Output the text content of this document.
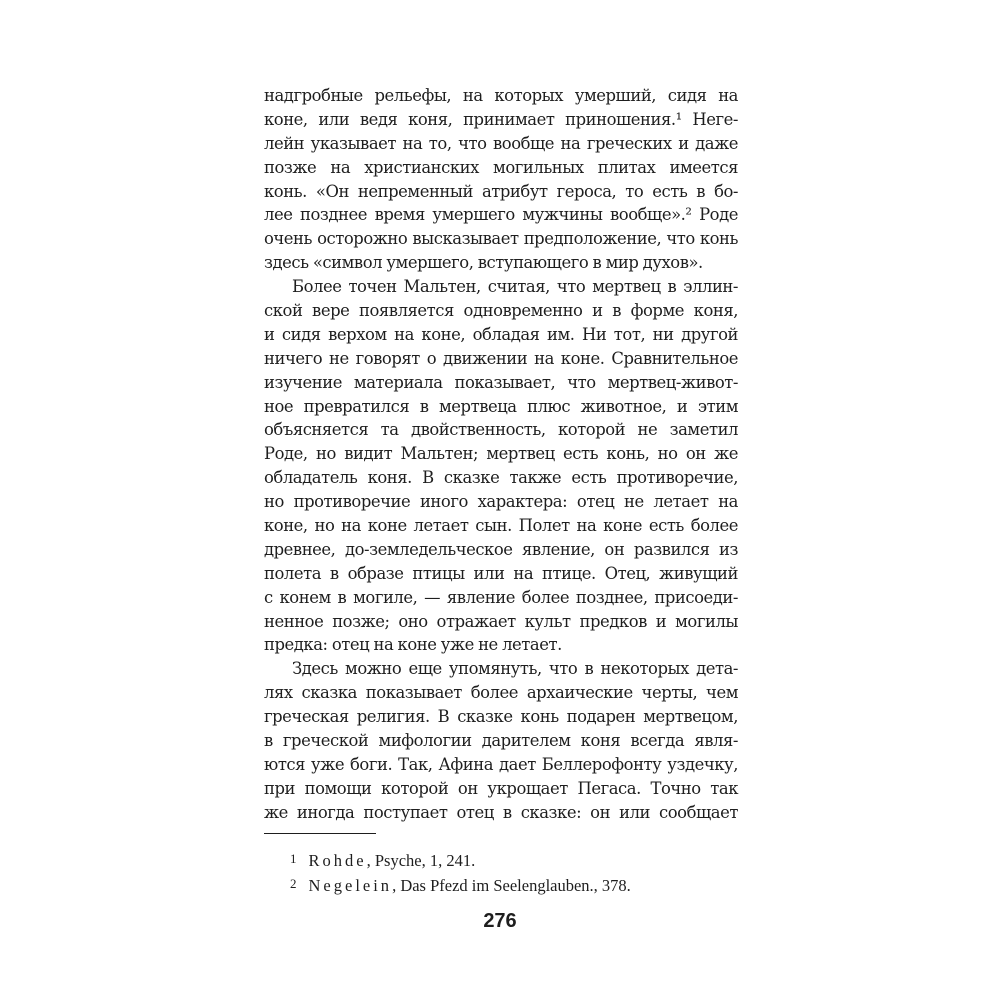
надгробные рельефы, на которых умерший, сидя на
коне, или ведя коня, принимает приношения.¹ Неге-
лейн указывает на то, что вообще на греческих и даже
позже на христианских могильных плитах имеется
конь. «Он непременный атрибут героса, то есть в бо-
лее позднее время умершего мужчины вообще».² Роде
очень осторожно высказывает предположение, что конь
здесь «символ умершего, вступающего в мир духов».
Более точен Мальтен, считая, что мертвец в эллин-
ской вере появляется одновременно и в форме коня,
и сидя верхом на коне, обладая им. Ни тот, ни другой
ничего не говорят о движении на коне. Сравнительное
изучение материала показывает, что мертвец-живот-
ное превратился в мертвеца плюс животное, и этим
объясняется та двойственность, которой не заметил
Роде, но видит Мальтен; мертвец есть конь, но он же
обладатель коня. В сказке также есть противоречие,
но противоречие иного характера: отец не летает на
коне, но на коне летает сын. Полет на коне есть более
древнее, до-земледельческое явление, он развился из
полета в образе птицы или на птице. Отец, живущий
с конем в могиле, — явление более позднее, присоеди-
ненное позже; оно отражает культ предков и могилы
предка: отец на коне уже не летает.
Здесь можно еще упомянуть, что в некоторых дета-
лях сказка показывает более архаические черты, чем
греческая религия. В сказке конь подарен мертвецом,
в греческой мифологии дарителем коня всегда явля-
ются уже боги. Так, Афина дает Беллерофонту уздечку,
при помощи которой он укрощает Пегаса. Точно так
же иногда поступает отец в сказке: он или сообщает
1 Rohde, Psyche, 1, 241.
2 Negelein, Das Pfezd im Seelenglauben., 378.
276
